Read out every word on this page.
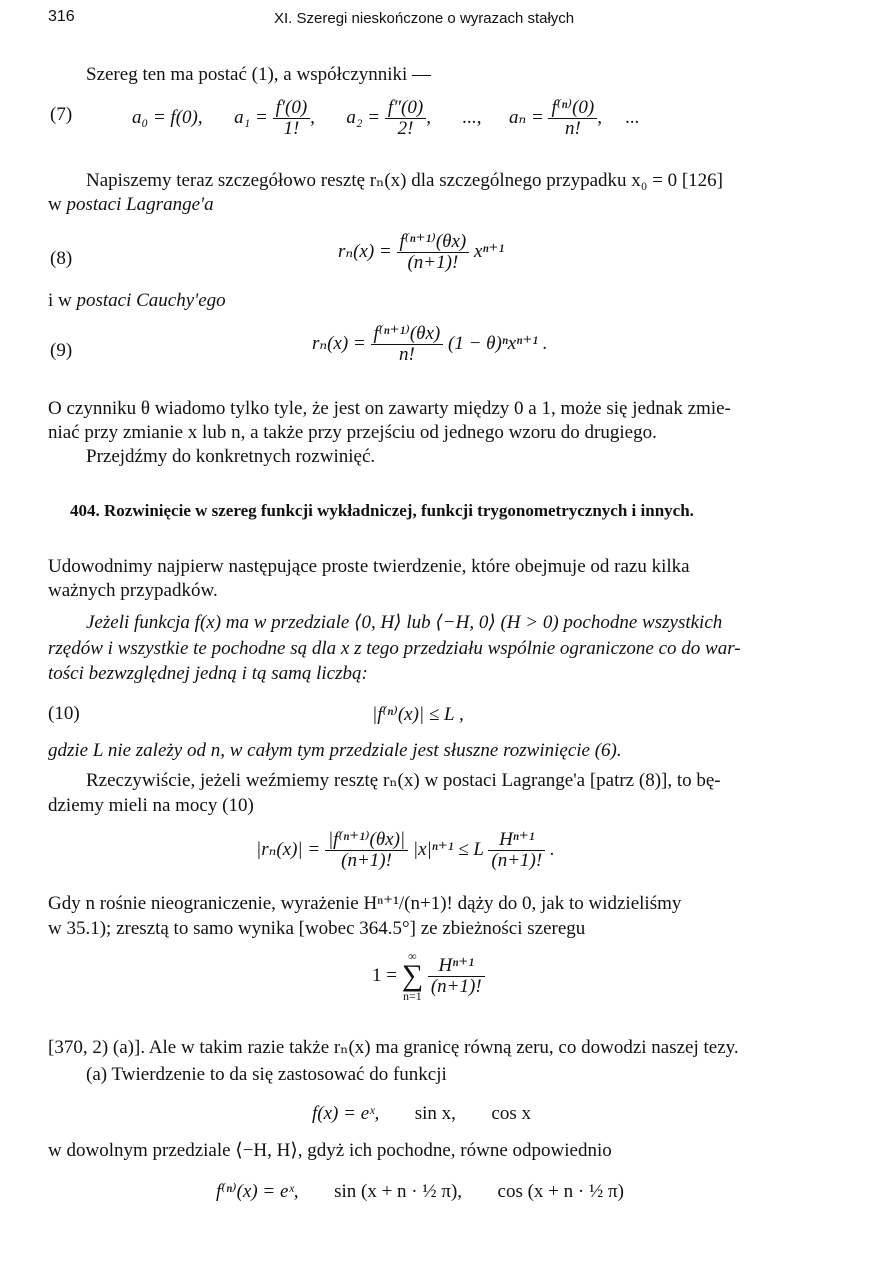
316	XI. Szeregi nieskończone o wyrazach stałych
Szereg ten ma postać (1), a współczynniki —
(7)	a₀ = f(0), $a_1 = \frac{f'(0)}{1!}$ ,  $a_2 = \frac{f''(0)}{2!}$ ,  ..., $a_n = \frac{\text{f⁽ⁿ⁾(0)}}{n!}$ ,  ...
Napiszemy teraz szczegółowo resztę rₙ(x) dla szczególnego przypadku x₀ = 0 [126]
w postaci Lagrange'a
(8)	$r_n(x) = \frac{\text{f⁽ⁿ⁺¹⁾(θx)}}{(n+1)!} x^{n+1}$
i w postaci Cauchy'ego
(9)	$r_n(x) = \frac{\text{f⁽ⁿ⁺¹⁾(θx)}}{n!} (1 - \theta)^nx^{n+1}$ .
O czynniku θ wiadomo tylko tyle, że jest on zawarty między 0 a 1, może się jednak zmie-
niać przy zmianie x lub n, a także przy przejściu od jednego wzoru do drugiego.
Przejdźmy do konkretnych rozwinięć.
404. Rozwinięcie w szereg funkcji wykładniczej, funkcji trygonometrycznych i innych.
Udowodnimy najpierw następujące proste twierdzenie, które obejmuje od razu kilka
ważnych przypadków.
Jeżeli funkcja f(x) ma w przedziale ⟨0, H⟩ lub ⟨−H, 0⟩ (H > 0) pochodne wszystkich
rzędów i wszystkie te pochodne są dla x z tego przedziału wspólnie ograniczone co do war-
tości bezwzględnej jedną i tą samą liczbą:
(10)	|f⁽ⁿ⁾(x)| ≤ L ,
gdzie L nie zależy od n, w całym tym przedziale jest słuszne rozwinięcie (6).
Rzeczywiście, jeżeli weźmiemy resztę rₙ(x) w postaci Lagrange'a [patrz (8)], to bę-
dziemy mieli na mocy (10)
$|r_n(x)| = \frac{\text{|f⁽ⁿ⁺¹⁾(θx)|}}{(n+1)!} |x|^{n+1} \le L \frac{\text{Hⁿ⁺¹}}{(n+1)!}$ .
Gdy n rośnie nieograniczenie, wyrażenie Hⁿ⁺¹/(n+1)! dąży do 0, jak to widzieliśmy
w 35.1); zresztą to samo wynika [wobec 364.5°] ze zbieżności szeregu
1 =
∞
∑
n=1
$\frac{\text{Hⁿ⁺¹}}{(n+1)!}$
[370, 2) (a)]. Ale w takim razie także rₙ(x) ma granicę równą zeru, co dowodzi naszej tezy.
(a) Twierdzenie to da się zastosować do funkcji
f(x) = eˣ, sin x, cos x
w dowolnym przedziale ⟨−H, H⟩, gdyż ich pochodne, równe odpowiednio
f⁽ⁿ⁾(x) = eˣ, sin (x + n · ½ π), cos (x + n · ½ π)
